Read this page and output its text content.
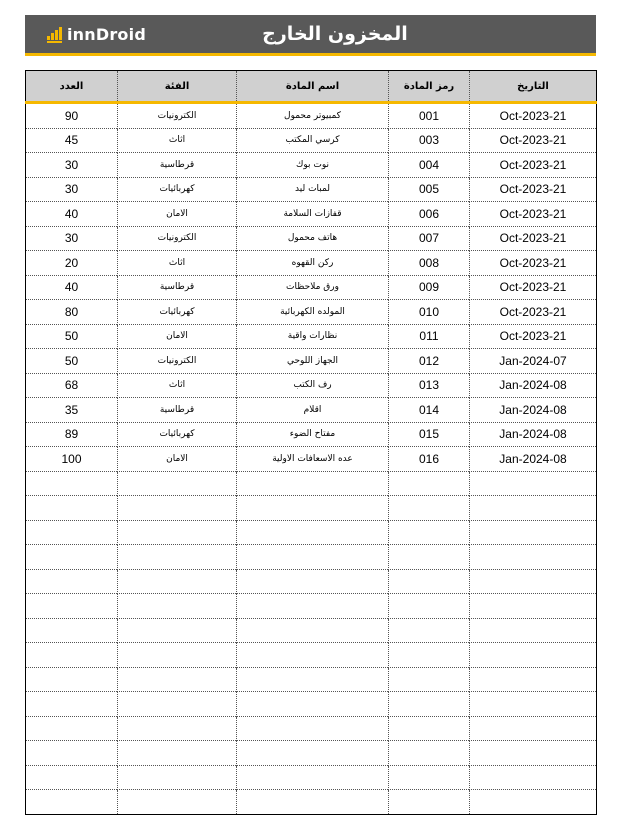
innDroid	المخزون الخارج
التاريخ	رمز المادة	اسم المادة	الفئة	العدد
21-Oct-2023	001	كمبيوتر محمول	الكترونيات	90
21-Oct-2023	003	كرسي المكتب	اثاث	45
21-Oct-2023	004	نوت بوك	قرطاسية	30
21-Oct-2023	005	لمبات ليد	كهربائيات	30
21-Oct-2023	006	قفازات السلامة	الامان	40
21-Oct-2023	007	هاتف محمول	الكترونيات	30
21-Oct-2023	008	ركن القهوه	اثاث	20
21-Oct-2023	009	ورق ملاحظات	قرطاسية	40
21-Oct-2023	010	المولده الكهربائية	كهربائيات	80
21-Oct-2023	011	نظارات واقية	الامان	50
07-Jan-2024	012	الجهاز اللوحي	الكترونيات	50
08-Jan-2024	013	رف الكتب	اثاث	68
08-Jan-2024	014	اقلام	قرطاسية	35
08-Jan-2024	015	مفتاح الضوء	كهربائيات	89
08-Jan-2024	016	عده الاسعافات الاولية	الامان	100
